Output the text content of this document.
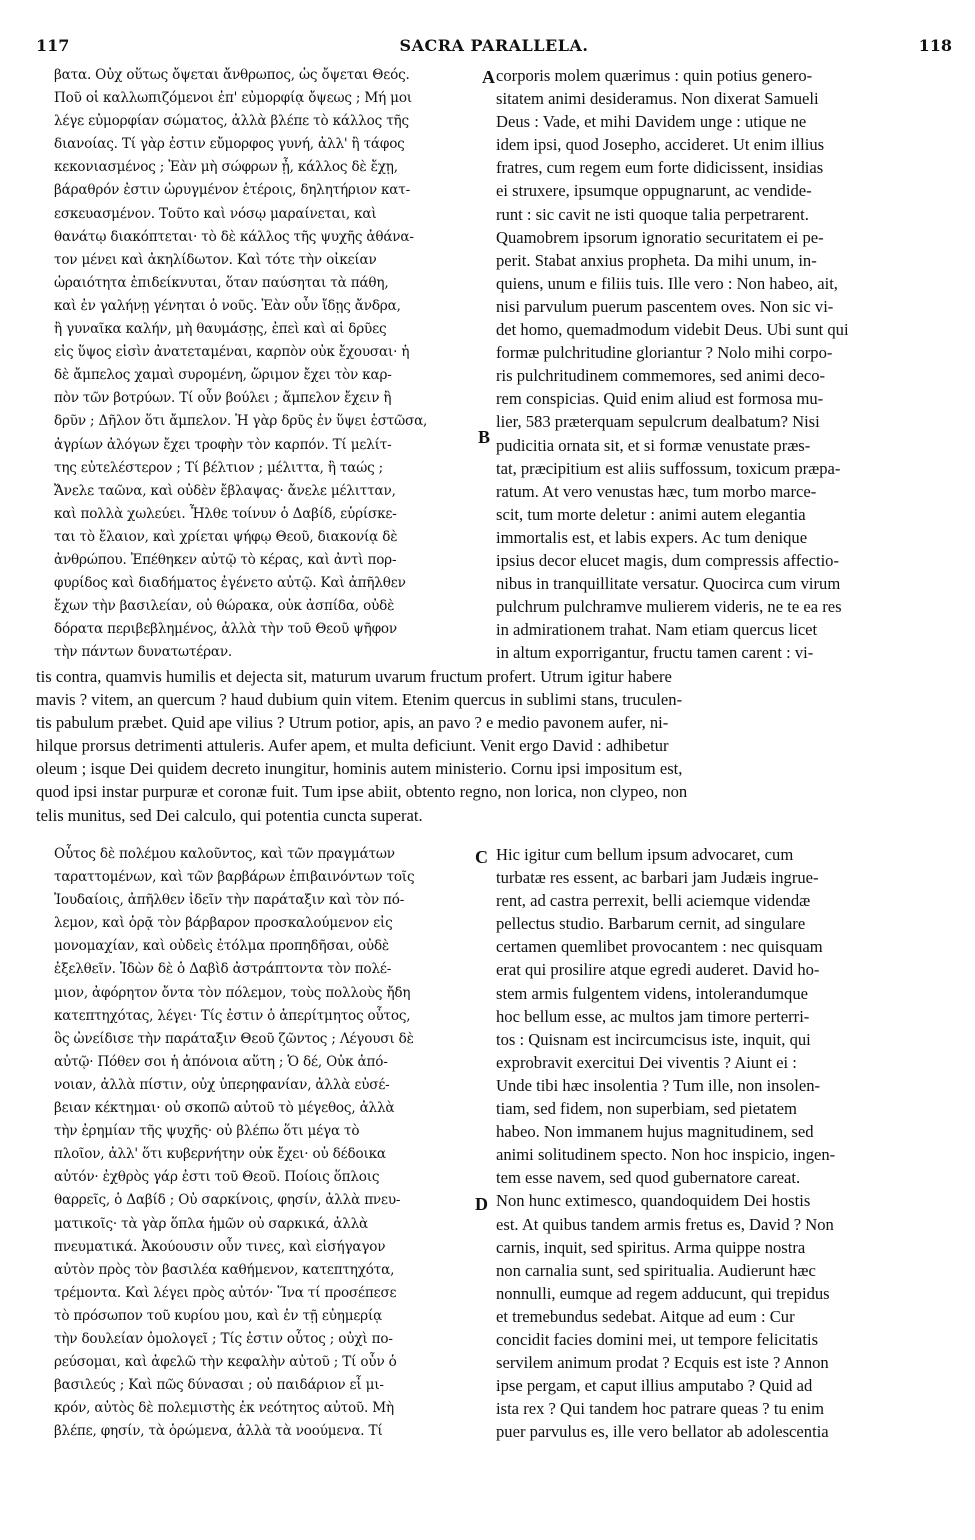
117	SACRA PARALLELA.	118
βατα. Οὐχ οὕτως ὄψεται ἄνθρωπος, ὡς ὄψεται Θεός.
Ποῦ οἱ καλλωπιζόμενοι ἐπ' εὐμορφίᾳ ὄψεως ; Μή μοι
λέγε εὐμορφίαν σώματος, ἀλλὰ βλέπε τὸ κάλλος τῆς
διανοίας. Τί γὰρ ἐστιν εὔμορφος γυνή, ἀλλ' ἢ τάφος
κεκονιασμένος ; Ἐὰν μὴ σώφρων ᾖ, κάλλος δὲ ἔχῃ,
βάραθρόν ἐστιν ὠρυγμένον ἑτέροις, δηλητήριον κατ-
εσκευασμένον. Τοῦτο καὶ νόσῳ μαραίνεται, καὶ
θανάτῳ διακόπτεται· τὸ δὲ κάλλος τῆς ψυχῆς ἀθάνα-
τον μένει καὶ ἀκηλίδωτον. Καὶ τότε τὴν οἰκείαν
ὡραιότητα ἐπιδείκνυται, ὅταν παύσηται τὰ πάθη,
καὶ ἐν γαλήνῃ γένηται ὁ νοῦς. Ἐὰν οὖν ἴδῃς ἄνδρα,
ἢ γυναῖκα καλήν, μὴ θαυμάσῃς, ἐπεὶ καὶ αἱ δρῦες
εἰς ὕψος εἰσὶν ἀνατεταμέναι, καρπὸν οὐκ ἔχουσαι· ἡ
δὲ ἄμπελος χαμαὶ συρομένη, ὥριμον ἔχει τὸν καρ-
πὸν τῶν βοτρύων. Τί οὖν βούλει ; ἄμπελον ἔχειν ἢ
δρῦν ; Δῆλον ὅτι ἄμπελον. Ἡ γὰρ δρῦς ἐν ὕψει ἑστῶσα,
ἀγρίων ἀλόγων ἔχει τροφὴν τὸν καρπόν. Τί μελίτ-
της εὐτελέστερον ; Τί βέλτιον ; μέλιττα, ἢ ταώς ;
Ἄνελε ταῶνα, καὶ οὐδὲν ἔβλαψας· ἄνελε μέλιτταν,
καὶ πολλὰ χωλεύει. Ἦλθε τοίνυν ὁ Δαβίδ, εὑρίσκε-
ται τὸ ἔλαιον, καὶ χρίεται ψήφῳ Θεοῦ, διακονίᾳ δὲ
ἀνθρώπου. Ἐπέθηκεν αὐτῷ τὸ κέρας, καὶ ἀντὶ πορ-
φυρίδος καὶ διαδήματος ἐγένετο αὐτῷ. Καὶ ἀπῆλθεν
ἔχων τὴν βασιλείαν, οὐ θώρακα, οὐκ ἀσπίδα, οὐδὲ
δόρατα περιβεβλημένος, ἀλλὰ τὴν τοῦ Θεοῦ ψῆφον
τὴν πάντων δυνατωτέραν.
corporis molem quærimus : quin potius genero-
sitatem animi desideramus. Non dixerat Samueli
Deus : Vade, et mihi Davidem unge : utique ne
idem ipsi, quod Josepho, accideret. Ut enim illius
fratres, cum regem eum forte didicissent, insidias
ei struxere, ipsumque oppugnarunt, ac vendide-
runt : sic cavit ne isti quoque talia perpetrarent.
Quamobrem ipsorum ignoratio securitatem ei pe-
perit. Stabat anxius propheta. Da mihi unum, in-
quiens, unum e filiis tuis. Ille vero : Non habeo, ait,
nisi parvulum puerum pascentem oves. Non sic vi-
det homo, quemadmodum videbit Deus. Ubi sunt qui
formæ pulchritudine gloriantur ? Nolo mihi corpo-
ris pulchritudinem commemores, sed animi deco-
rem conspicias. Quid enim aliud est formosa mu-
lier, 583 præterquam sepulcrum dealbatum? Nisi
pudicitia ornata sit, et si formæ venustate præs-
tat, præcipitium est aliis suffossum, toxicum præpa-
ratum. At vero venustas hæc, tum morbo marce-
scit, tum morte deletur : animi autem elegantia
immortalis est, et labis expers. Ac tum denique
ipsius decor elucet magis, dum compressis affectio-
nibus in tranquillitate versatur. Quocirca cum virum
pulchrum pulchramve mulierem videris, ne te ea res
in admirationem trahat. Nam etiam quercus licet
in altum exporrigantur, fructu tamen carent : vi-
tis contra, quamvis humilis et dejecta sit, maturum uvarum fructum profert. Utrum igitur habere
mavis ? vitem, an quercum ? haud dubium quin vitem. Etenim quercus in sublimi stans, truculen-
tis pabulum præbet. Quid ape vilius ? Utrum potior, apis, an pavo ? e medio pavonem aufer, ni-
hilque prorsus detrimenti attuleris. Aufer apem, et multa deficiunt. Venit ergo David : adhibetur
oleum ; isque Dei quidem decreto inungitur, hominis autem ministerio. Cornu ipsi impositum est,
quod ipsi instar purpuræ et coronæ fuit. Tum ipse abiit, obtento regno, non lorica, non clypeo, non
telis munitus, sed Dei calculo, qui potentia cuncta superat.
Οὗτος δὲ πολέμου καλοῦντος, καὶ τῶν πραγμάτων
ταραττομένων, καὶ τῶν βαρβάρων ἐπιβαινόντων τοῖς
Ἰουδαίοις, ἀπῆλθεν ἰδεῖν τὴν παράταξιν καὶ τὸν πό-
λεμον, καὶ ὁρᾷ τὸν βάρβαρον προσκαλούμενον εἰς
μονομαχίαν, καὶ οὐδεὶς ἐτόλμα προπηδῆσαι, οὐδὲ
ἐξελθεῖν. Ἰδὼν δὲ ὁ Δαβὶδ ἀστράπτοντα τὸν πολέ-
μιον, ἀφόρητον ὄντα τὸν πόλεμον, τοὺς πολλοὺς ἤδη
κατεπτηχότας, λέγει· Τίς ἐστιν ὁ ἀπερίτμητος οὗτος,
ὃς ὠνείδισε τὴν παράταξιν Θεοῦ ζῶντος ; Λέγουσι δὲ
αὐτῷ· Πόθεν σοι ἡ ἀπόνοια αὕτη ; Ὁ δέ, Οὐκ ἀπό-
νοιαν, ἀλλὰ πίστιν, οὐχ ὑπερηφανίαν, ἀλλὰ εὐσέ-
βειαν κέκτημαι· οὐ σκοπῶ αὐτοῦ τὸ μέγεθος, ἀλλὰ
τὴν ἐρημίαν τῆς ψυχῆς· οὐ βλέπω ὅτι μέγα τὸ
πλοῖον, ἀλλ' ὅτι κυβερνήτην οὐκ ἔχει· οὐ δέδοικα
αὐτόν· ἐχθρὸς γάρ ἐστι τοῦ Θεοῦ. Ποίοις ὅπλοις
θαρρεῖς, ὁ Δαβίδ ; Οὐ σαρκίνοις, φησίν, ἀλλὰ πνευ-
ματικοῖς· τὰ γὰρ ὅπλα ἡμῶν οὐ σαρκικά, ἀλλὰ
πνευματικά. Ἀκούουσιν οὖν τινες, καὶ εἰσήγαγον
αὐτὸν πρὸς τὸν βασιλέα καθήμενον, κατεπτηχότα,
τρέμοντα. Καὶ λέγει πρὸς αὐτόν· Ἵνα τί προσέπεσε
τὸ πρόσωπον τοῦ κυρίου μου, καὶ ἐν τῇ εὐημερίᾳ
τὴν δουλείαν ὁμολογεῖ ; Τίς ἐστιν οὗτος ; οὐχὶ πο-
ρεύσομαι, καὶ ἀφελῶ τὴν κεφαλὴν αὐτοῦ ; Τί οὖν ὁ
βασιλεύς ; Καὶ πῶς δύνασαι ; οὐ παιδάριον εἶ μι-
κρόν, αὐτὸς δὲ πολεμιστὴς ἐκ νεότητος αὐτοῦ. Μὴ
βλέπε, φησίν, τὰ ὁρώμενα, ἀλλὰ τὰ νοούμενα. Τί
Hic igitur cum bellum ipsum advocaret, cum
turbatæ res essent, ac barbari jam Judæis ingrue-
rent, ad castra perrexit, belli aciemque videndæ
pellectus studio. Barbarum cernit, ad singulare
certamen quemlibet provocantem : nec quisquam
erat qui prosilire atque egredi auderet. David ho-
stem armis fulgentem videns, intolerandumque
hoc bellum esse, ac multos jam timore perterri-
tos : Quisnam est incircumcisus iste, inquit, qui
exprobravit exercitui Dei viventis ? Aiunt ei :
Unde tibi hæc insolentia ? Tum ille, non insolen-
tiam, sed fidem, non superbiam, sed pietatem
habeo. Non immanem hujus magnitudinem, sed
animi solitudinem specto. Non hoc inspicio, ingen-
tem esse navem, sed quod gubernatore careat.
Non hunc extimesco, quandoquidem Dei hostis
est. At quibus tandem armis fretus es, David ? Non
carnis, inquit, sed spiritus. Arma quippe nostra
non carnalia sunt, sed spiritualia. Audierunt hæc
nonnulli, eumque ad regem adducunt, qui trepidus
et tremebundus sedebat. Aitque ad eum : Cur
concidit facies domini mei, ut tempore felicitatis
servilem animum prodat ? Ecquis est iste ? Annon
ipse pergam, et caput illius amputabo ? Quid ad
ista rex ? Qui tandem hoc patrare queas ? tu enim
puer parvulus es, ille vero bellator ab adolescentia
A
B
C
D
